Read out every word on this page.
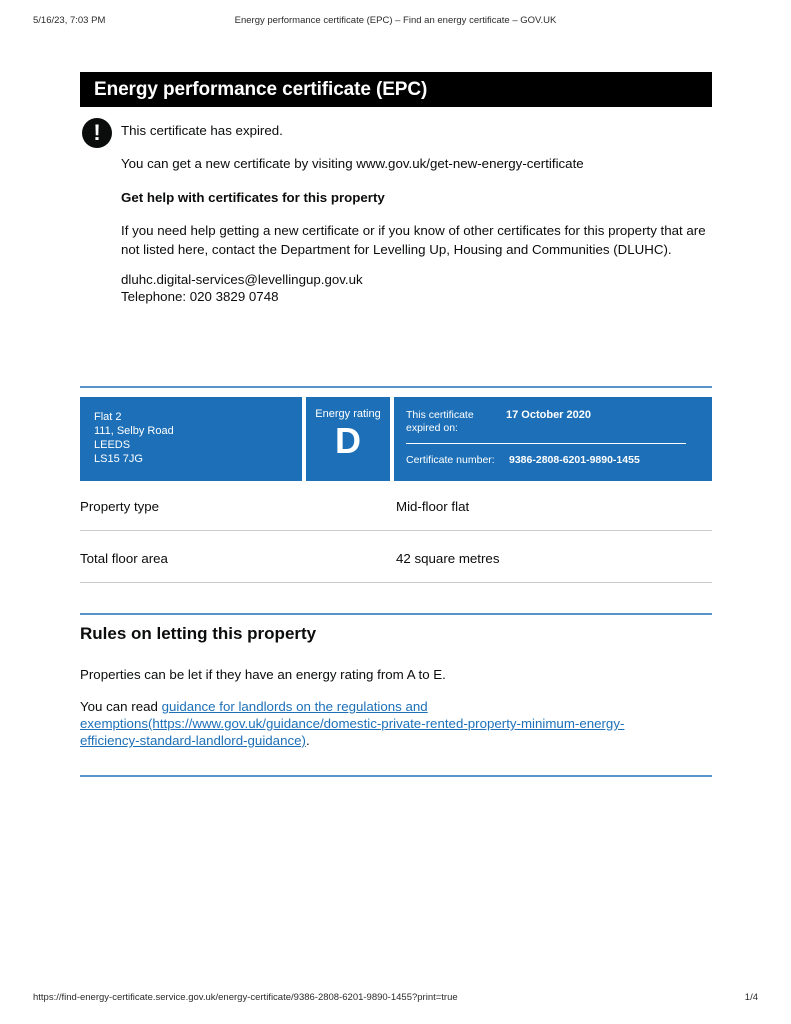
5/16/23, 7:03 PM	Energy performance certificate (EPC) – Find an energy certificate – GOV.UK
Energy performance certificate (EPC)
!	This certificate has expired.
You can get a new certificate by visiting www.gov.uk/get-new-energy-certificate
Get help with certificates for this property
If you need help getting a new certificate or if you know of other certificates for this property that are not listed here, contact the Department for Levelling Up, Housing and Communities (DLUHC).
dluhc.digital-services@levellingup.gov.uk
Telephone: 020 3829 0748
Flat 2
111, Selby Road
LEEDS
LS15 7JG
Energy rating
D
This certificate expired on:
17 October 2020
Certificate number: 9386-2808-6201-9890-1455
Property type	Mid-floor flat
Total floor area	42 square metres
Rules on letting this property
Properties can be let if they have an energy rating from A to E.
You can read guidance for landlords on the regulations and exemptions(https://www.gov.uk/guidance/domestic-private-rented-property-minimum-energy-efficiency-standard-landlord-guidance).
https://find-energy-certificate.service.gov.uk/energy-certificate/9386-2808-6201-9890-1455?print=true	1/4
